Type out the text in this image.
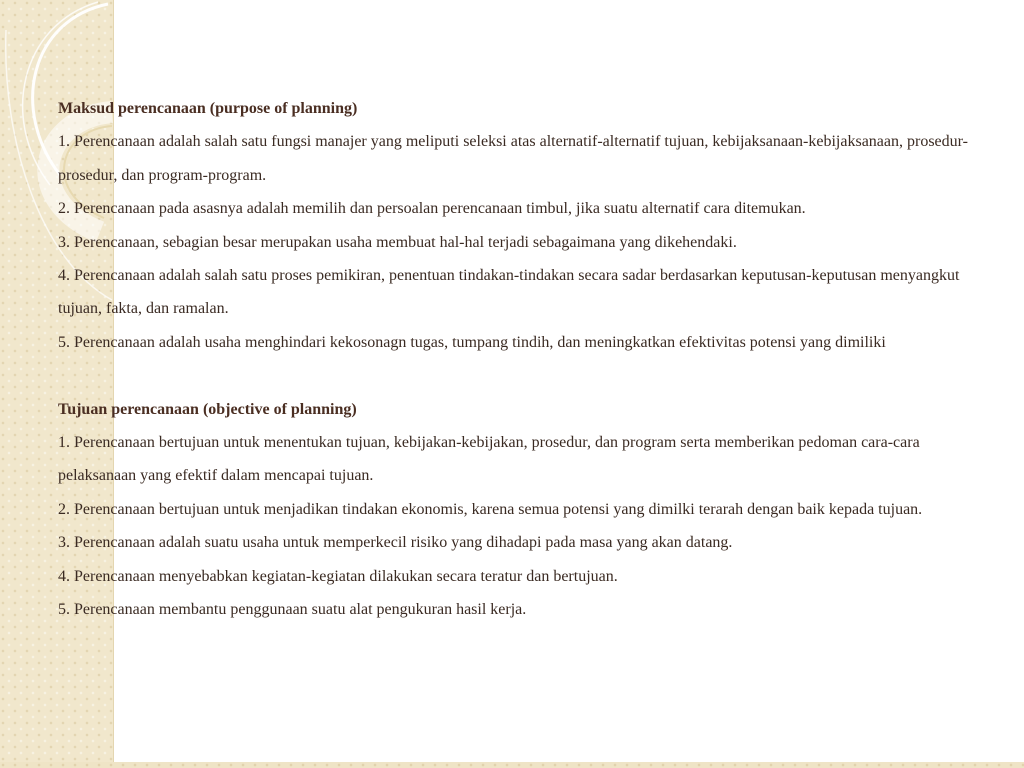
Maksud perencanaan (purpose of planning)

1. Perencanaan adalah salah satu fungsi manajer yang meliputi seleksi atas alternatif-alternatif tujuan, kebijaksanaan-kebijaksanaan, prosedur-prosedur, dan program-program.

2. Perencanaan pada asasnya adalah memilih dan persoalan perencanaan timbul, jika suatu alternatif cara ditemukan.

3. Perencanaan, sebagian besar merupakan usaha membuat hal-hal terjadi sebagaimana yang dikehendaki.

4. Perencanaan adalah salah satu proses pemikiran, penentuan tindakan-tindakan secara sadar berdasarkan keputusan-keputusan menyangkut tujuan, fakta, dan ramalan.

5. Perencanaan adalah usaha menghindari kekosonagn tugas, tumpang tindih, dan meningkatkan efektivitas potensi yang dimiliki

Tujuan perencanaan (objective of planning)

1. Perencanaan bertujuan untuk menentukan tujuan, kebijakan-kebijakan, prosedur, dan program serta memberikan pedoman cara-cara pelaksanaan yang efektif dalam mencapai tujuan.

2. Perencanaan bertujuan untuk menjadikan tindakan ekonomis, karena semua potensi yang dimilki terarah dengan baik kepada tujuan.

3. Perencanaan adalah suatu usaha untuk memperkecil risiko yang dihadapi pada masa yang akan datang.

4. Perencanaan menyebabkan kegiatan-kegiatan dilakukan secara teratur dan bertujuan.

5. Perencanaan membantu penggunaan suatu alat pengukuran hasil kerja.
